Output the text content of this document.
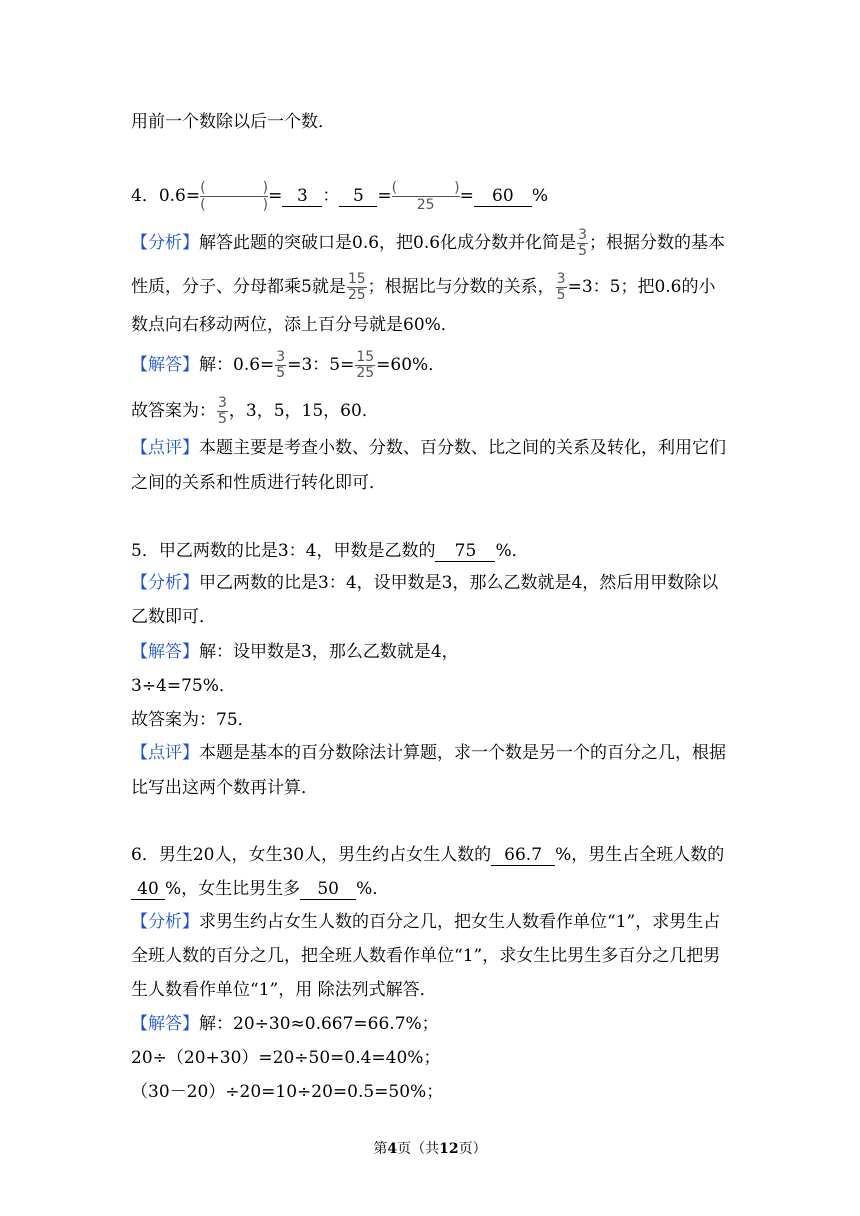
用前一个数除以后一个数．
4．0.6= (	)
(	) = 3 ： 5 = (	)
25 = 60 %
【分析】解答此题的突破口是0.6，把0.6化成分数并化简是 $\frac{3}{5}$ ；根据分数的基本
性质，分子、分母都乘5就是 $\frac{15}{25}$ ；根据比与分数的关系， $\frac{3}{5} =3$：5；把0.6的小
数点向右移动两位，添上百分号就是60%．
【解答】解：$0.6= \frac{3}{5} =3$：$5= \frac{15}{25} =60\%$．
故答案为： $\frac{3}{5}$ ，3，5，15，60．
【点评】本题主要是考查小数、分数、百分数、比之间的关系及转化，利用它们
之间的关系和性质进行转化即可．
5．甲乙两数的比是3：4，甲数是乙数的 75 %．
【分析】甲乙两数的比是3：4，设甲数是3，那么乙数就是4，然后用甲数除以
乙数即可．
【解答】解：设甲数是3，那么乙数就是4，
3÷4=75%．
故答案为：75．
【点评】本题是基本的百分数除法计算题，求一个数是另一个的百分之几，根据
比写出这两个数再计算．
6．男生20人，女生30人，男生约占女生人数的 66.7 %，男生占全班人数的
40 %，女生比男生多 50 %．
【分析】求男生约占女生人数的百分之几，把女生人数看作单位“1”，求男生占
全班人数的百分之几，把全班人数看作单位“1”，求女生比男生多百分之几把男
生人数看作单位“1”，用 除法列式解答．
【解答】解：20÷30≈0.667=66.7%；
20÷（20+30）=20÷50=0.4=40%；
（30－20）÷20=10÷20=0.5=50%；
第4页（共12页）
